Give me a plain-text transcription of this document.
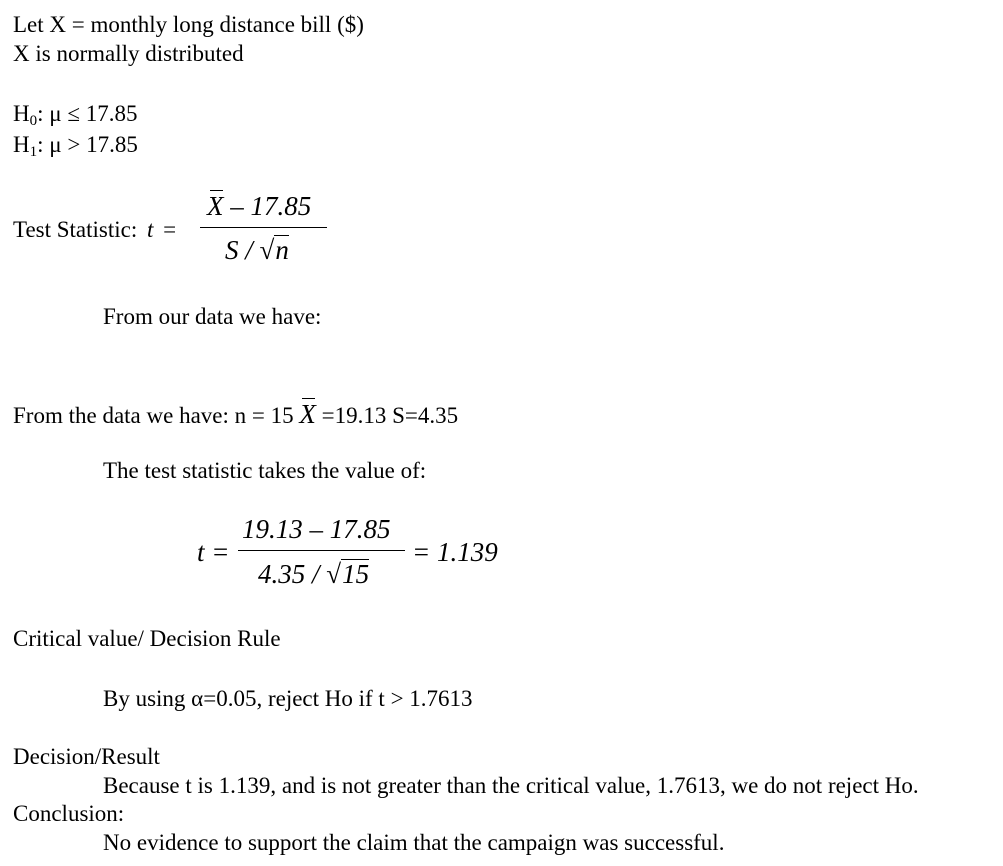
Let X = monthly long distance bill ($)
X is normally distributed
$H_0$: μ ≤ 17.85
$H_1$: μ > 17.85
Test Statistic: t =
X – 17.85
S / √n
From our data we have:
From the data we have: n = 15 X =19.13 S=4.35
The test statistic takes the value of:
t =
19.13 – 17.85
4.35 / √15
= 1.139
Critical value/ Decision Rule
By using α=0.05, reject Ho if t > 1.7613
Decision/Result
Because t is 1.139, and is not greater than the critical value, 1.7613, we do not reject Ho.
Conclusion:
No evidence to support the claim that the campaign was successful.
